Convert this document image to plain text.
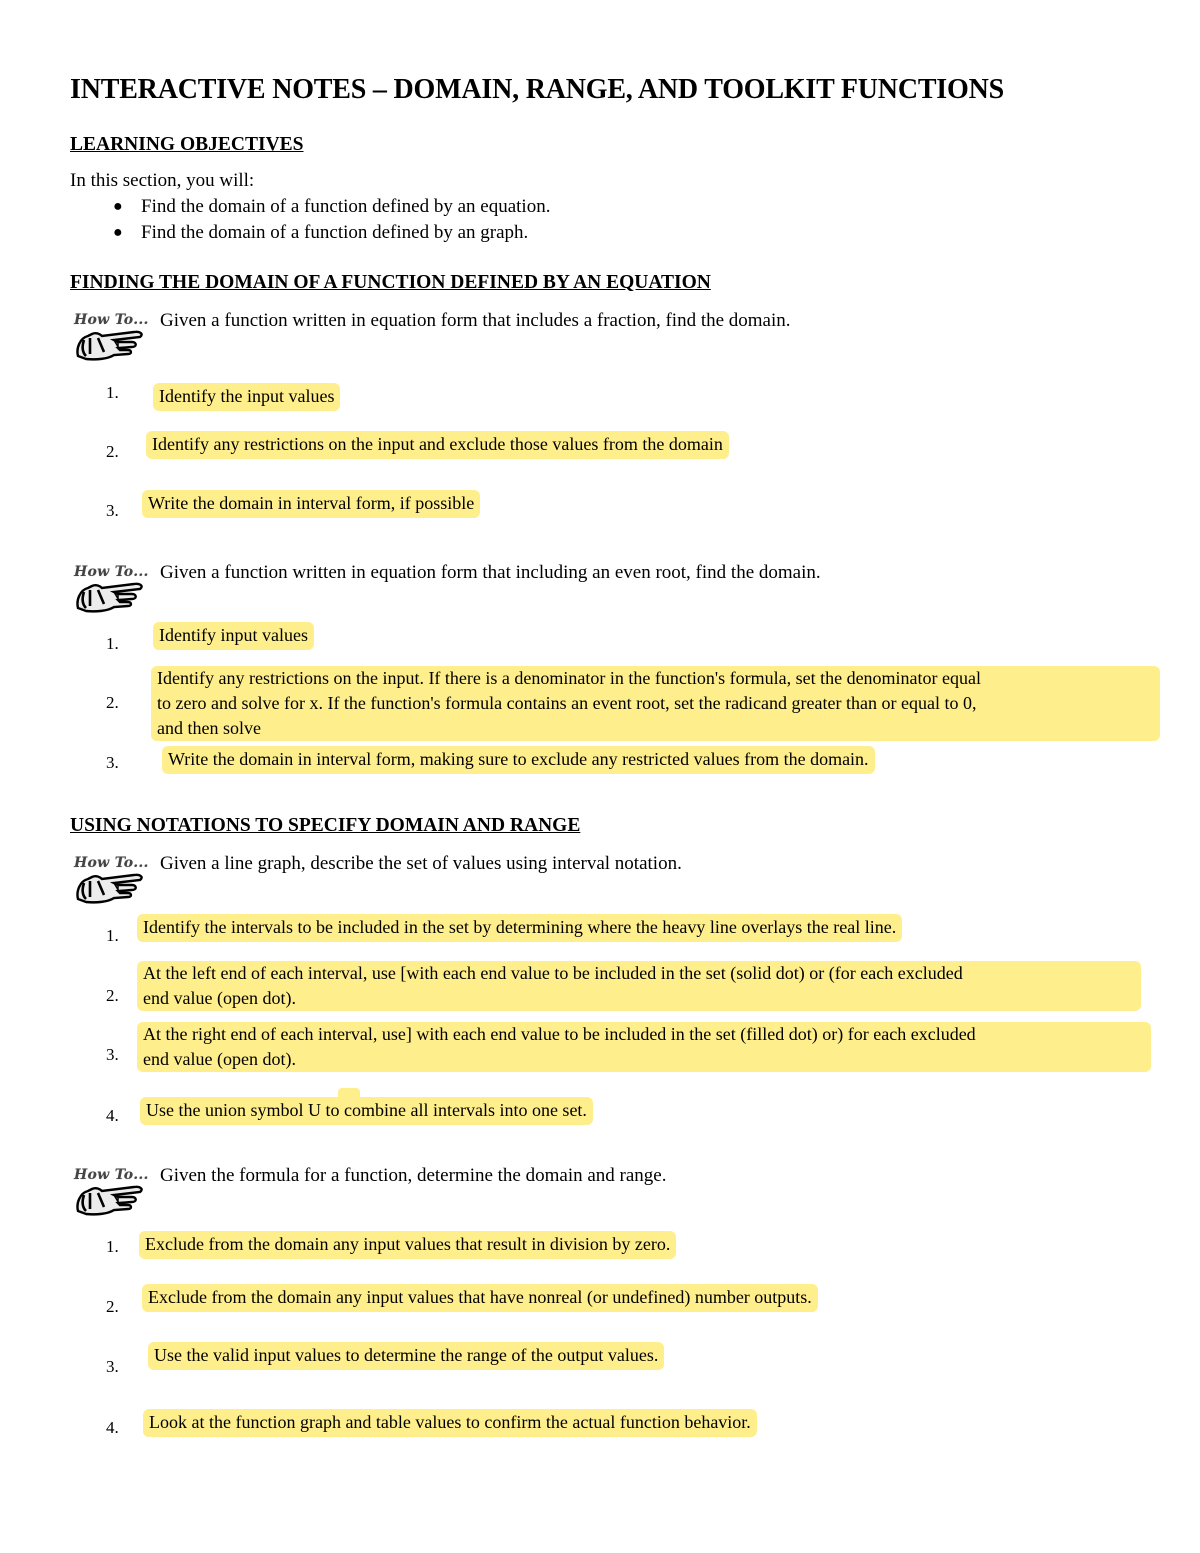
INTERACTIVE NOTES – DOMAIN, RANGE, AND TOOLKIT FUNCTIONS
LEARNING OBJECTIVES
In this section, you will:
● Find the domain of a function defined by an equation.
● Find the domain of a function defined by an graph.
FINDING THE DOMAIN OF A FUNCTION DEFINED BY AN EQUATION
How To... Given a function written in equation form that includes a fraction, find the domain.
1.	Identify the input values
2.	Identify any restrictions on the input and exclude those values from the domain
3.	Write the domain in interval form, if possible
How To... Given a function written in equation form that including an even root, find the domain.
1.	Identify input values
2.
Identify any restrictions on the input. If there is a denominator in the function's formula, set the denominator equal
to zero and solve for x. If the function's formula contains an event root, set the radicand greater than or equal to 0,
and then solve
3.	Write the domain in interval form, making sure to exclude any restricted values from the domain.
USING NOTATIONS TO SPECIFY DOMAIN AND RANGE
How To... Given a line graph, describe the set of values using interval notation.
1.	Identify the intervals to be included in the set by determining where the heavy line overlays the real line.
2.
At the left end of each interval, use [with each end value to be included in the set (solid dot) or (for each excluded
end value (open dot).
3.
At the right end of each interval, use] with each end value to be included in the set (filled dot) or) for each excluded
end value (open dot).
4.	Use the union symbol U to combine all intervals into one set.
How To... Given the formula for a function, determine the domain and range.
1.	Exclude from the domain any input values that result in division by zero.
2.	Exclude from the domain any input values that have nonreal (or undefined) number outputs.
3.
Use the valid input values to determine the range of the output values.
4.	Look at the function graph and table values to confirm the actual function behavior.
